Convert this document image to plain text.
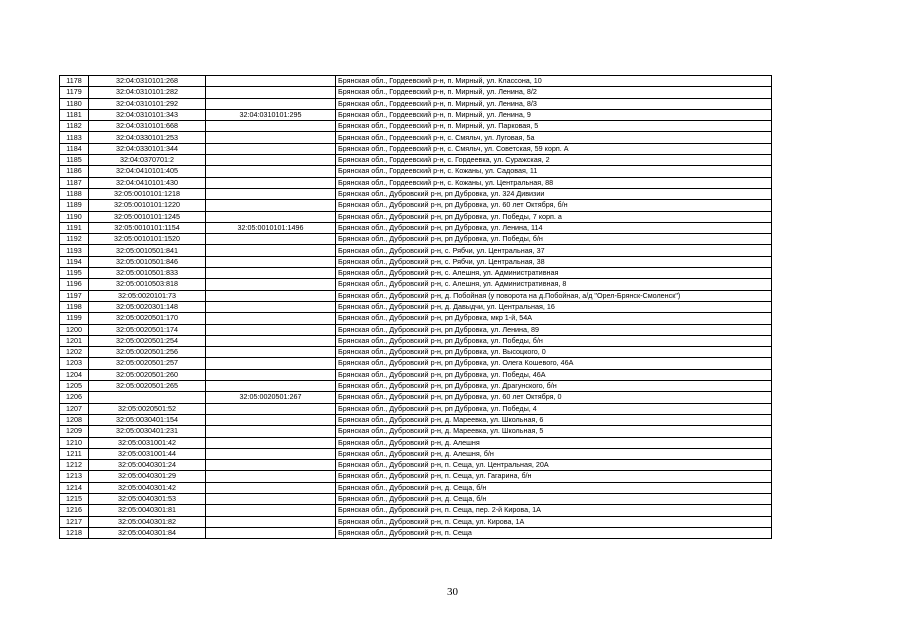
1178	32:04:0310101:268		Брянская обл., Гордеевский р-н, п. Мирный, ул. Классона, 10
1179	32:04:0310101:282		Брянская обл., Гордеевский р-н, п. Мирный, ул. Ленина, 8/2
1180	32:04:0310101:292		Брянская обл., Гордеевский р-н, п. Мирный, ул. Ленина, 8/3
1181	32:04:0310101:343	32:04:0310101:295	Брянская обл., Гордеевский р-н, п. Мирный, ул. Ленина, 9
1182	32:04:0310101:668		Брянская обл., Гордеевский р-н, п. Мирный, ул. Парковая, 5
1183	32:04:0330101:253		Брянская обл., Гордеевский р-н, с. Смяльч, ул. Луговая, 5а
1184	32:04:0330101:344		Брянская обл., Гордеевский р-н, с. Смяльч, ул. Советская, 59 корп. А
1185	32:04:0370701:2		Брянская обл., Гордеевский р-н, с. Гордеевка, ул. Суражская, 2
1186	32:04:0410101:405		Брянская обл., Гордеевский р-н, с. Кожаны, ул. Садовая, 11
1187	32:04:0410101:430		Брянская обл., Гордеевский р-н, с. Кожаны, ул. Центральная, 88
1188	32:05:0010101:1218		Брянская обл., Дубровский р-н, рп Дубровка, ул. 324 Дивизии
1189	32:05:0010101:1220		Брянская обл., Дубровский р-н, рп Дубровка, ул. 60 лет Октября, б/н
1190	32:05:0010101:1245		Брянская обл., Дубровский р-н, рп Дубровка, ул. Победы, 7 корп. а
1191	32:05:0010101:1154	32:05:0010101:1496	Брянская обл., Дубровский р-н, рп Дубровка, ул. Ленина, 114
1192	32:05:0010101:1520		Брянская обл., Дубровский р-н, рп Дубровка, ул. Победы, б/н
1193	32:05:0010501:841		Брянская обл., Дубровский р-н, с. Рябчи, ул. Центральная, 37
1194	32:05:0010501:846		Брянская обл., Дубровский р-н, с. Рябчи, ул. Центральная, 38
1195	32:05:0010501:833		Брянская обл., Дубровский р-н, с. Алешня, ул. Административная
1196	32:05:0010503:818		Брянская обл., Дубровский р-н, с. Алешня, ул. Административная, 8
1197	32:05:0020101:73		Брянская обл., Дубровский р-н, д. Побойная (у поворота на д.Побойная, а/д "Орел-Брянск-Смоленск")
1198	32:05:0020301:148		Брянская обл., Дубровский р-н, д. Давыдчи, ул. Центральная, 16
1199	32:05:0020501:170		Брянская обл., Дубровский р-н, рп Дубровка, мкр 1-й, 54А
1200	32:05:0020501:174		Брянская обл., Дубровский р-н, рп Дубровка, ул. Ленина, 89
1201	32:05:0020501:254		Брянская обл., Дубровский р-н, рп Дубровка, ул. Победы, б/н
1202	32:05:0020501:256		Брянская обл., Дубровский р-н, рп Дубровка, ул. Высоцкого, 0
1203	32:05:0020501:257		Брянская обл., Дубровский р-н, рп Дубровка, ул. Олега Кошевого, 46А
1204	32:05:0020501:260		Брянская обл., Дубровский р-н, рп Дубровка, ул. Победы, 46А
1205	32:05:0020501:265		Брянская обл., Дубровский р-н, рп Дубровка, ул. Драгунского, б/н
1206		32:05:0020501:267	Брянская обл., Дубровский р-н, рп Дубровка, ул. 60 лет Октября, 0
1207	32:05:0020501:52		Брянская обл., Дубровский р-н, рп Дубровка, ул. Победы, 4
1208	32:05:0030401:154		Брянская обл., Дубровский р-н, д. Мареевка, ул. Школьная, 6
1209	32:05:0030401:231		Брянская обл., Дубровский р-н, д. Мареевка, ул. Школьная, 5
1210	32:05:0031001:42		Брянская обл., Дубровский р-н, д. Алешня
1211	32:05:0031001:44		Брянская обл., Дубровский р-н, д. Алешня, б/н
1212	32:05:0040301:24		Брянская обл., Дубровский р-н, п. Сеща, ул. Центральная, 20А
1213	32:05:0040301:29		Брянская обл., Дубровский р-н, п. Сеща, ул. Гагарина, б/н
1214	32:05:0040301:42		Брянская обл., Дубровский р-н, д. Сеща, б/н
1215	32:05:0040301:53		Брянская обл., Дубровский р-н, д. Сеща, б/н
1216	32:05:0040301:81		Брянская обл., Дубровский р-н, п. Сеща, пер. 2-й Кирова, 1А
1217	32:05:0040301:82		Брянская обл., Дубровский р-н, п. Сеща, ул. Кирова, 1А
1218	32:05:0040301:84		Брянская обл., Дубровский р-н, п. Сеща
30
